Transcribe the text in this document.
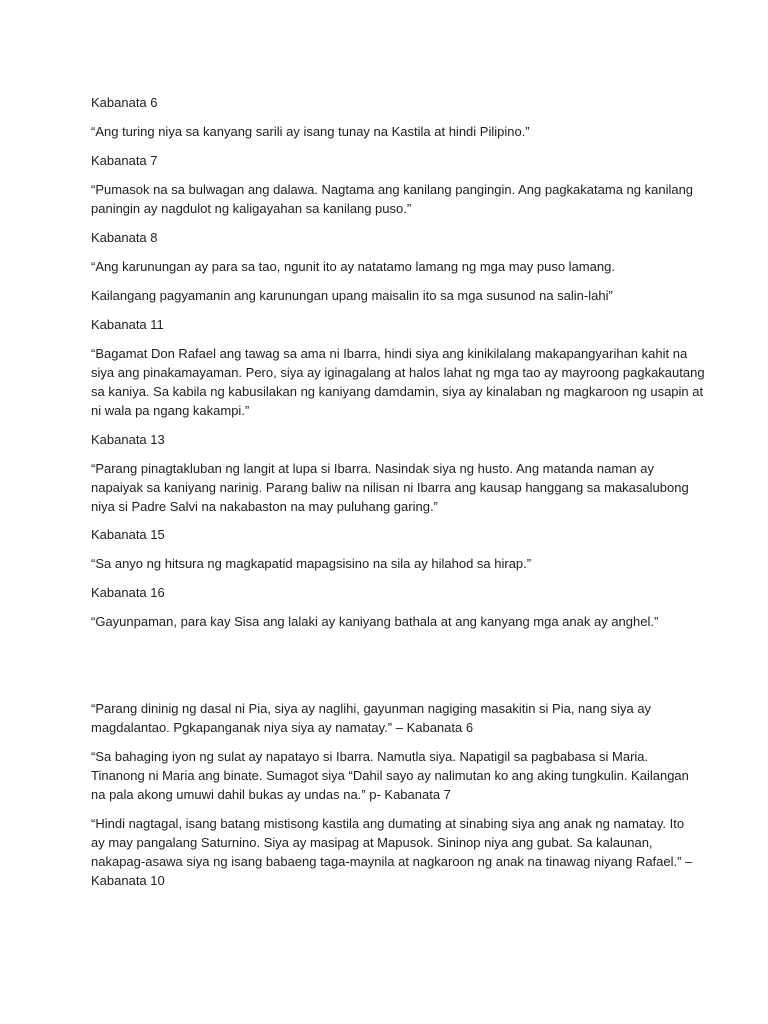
Kabanata 6

“Ang turing niya sa kanyang sarili ay isang tunay na Kastila at hindi Pilipino.”

Kabanata 7

“Pumasok na sa bulwagan ang dalawa. Nagtama ang kanilang pangingin. Ang pagkakatama ng kanilang

paningin ay nagdulot ng kaligayahan sa kanilang puso.”

Kabanata 8

“Ang karunungan ay para sa tao, ngunit ito ay natatamo lamang ng mga may puso lamang.

Kailangang pagyamanin ang karunungan upang maisalin ito sa mga susunod na salin-lahi”

Kabanata 11

“Bagamat Don Rafael ang tawag sa ama ni Ibarra, hindi siya ang kinikilalang makapangyarihan kahit na

siya ang pinakamayaman. Pero, siya ay iginagalang at halos lahat ng mga tao ay mayroong pagkakautang

sa kaniya. Sa kabila ng kabusilakan ng kaniyang damdamin, siya ay kinalaban ng magkaroon ng usapin at

ni wala pa ngang kakampi.”

Kabanata 13

“Parang pinagtakluban ng langit at lupa si Ibarra. Nasindak siya ng husto. Ang matanda naman ay

napaiyak sa kaniyang narinig. Parang baliw na nilisan ni Ibarra ang kausap hanggang sa makasalubong

niya si Padre Salvi na nakabaston na may puluhang garing.”

Kabanata 15

“Sa anyo ng hitsura ng magkapatid mapagsisino na sila ay hilahod sa hirap.”

Kabanata 16

“Gayunpaman, para kay Sisa ang lalaki ay kaniyang bathala at ang kanyang mga anak ay anghel.”

“Parang dininig ng dasal ni Pia, siya ay naglihi, gayunman nagiging masakitin si Pia, nang siya ay

magdalantao. Pgkapanganak niya siya ay namatay.” – Kabanata 6

“Sa bahaging iyon ng sulat ay napatayo si Ibarra. Namutla siya. Napatigil sa pagbabasa si Maria.

Tinanong ni Maria ang binate. Sumagot siya “Dahil sayo ay nalimutan ko ang aking tungkulin. Kailangan

na pala akong umuwi dahil bukas ay undas na.” p- Kabanata 7

“Hindi nagtagal, isang batang mistisong kastila ang dumating at sinabing siya ang anak ng namatay. Ito

ay may pangalang Saturnino. Siya ay masipag at Mapusok. Sininop niya ang gubat. Sa kalaunan,

nakapag-asawa siya ng isang babaeng taga-maynila at nagkaroon ng anak na tinawag niyang Rafael.” –

Kabanata 10
